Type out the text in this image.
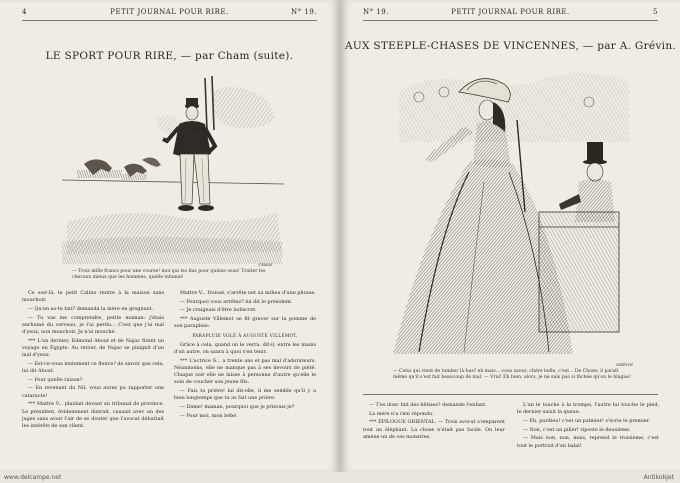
4	PETIT JOURNAL POUR RIRE.	N° 19.
LE SPORT POUR RIRE, — par Cham (suite).
CHAM
— Trois mille francs pour une course! moi qui les fais pour quinze sous! Traiter les chevaux mieux que les hommes, quelle infamie!

Ce soir-là, le petit Calino rentre à la maison sans mouchoir.

— Qu'en as-tu fait? demanda la mère en grognant.

— Tu vas me comprendre, petite maman: j'étais enrhumé du cerveau, je l'ai perdu... C'est que j'ai mal d'yeux, non mouchoir. Je n'ai mouché.

*** L'un dernier, Edmond About et de Najac firent un voyage en Égypte. Au retour, de Najac se plaignit d'un mal d'yeux.

— Est-ce-vous lentement ce fleuve? de savoir que cela, lui dit About.

— Pour quelle raison?

— En revenant du Nil, vous aurez pu rapporter une cataracte!

*** Mattre V... plaidait devant un tribunal de province. Le président, évidemment distrait, causait avec un des juges sans avoir l'air de se douter que l'avocat débattait les intérêts de son client.

Mattre V... froissé, s'arrête net au milieu d'une phrase.

— Pourquoi vous arrêtez? lui dit le président.

— Je craignais d'être indiscret.

*** Auguste Villemot se fit graver sur la pomme de son parapluie:

PARAPLUIE VOLÉ À AUGUSTE VILLEMOT.

Grâce à cela, quand on le verra, dit-il, entre les mains d'un autre, on saura à quoi s'en tenir.

*** L'actrice S... a trente ans et pas mal d'adorateurs. Néanmoins, elle ne manque pas à ses devoirs de piété. Chaque soir elle ne laisse à personne d'autre qu'elle le soin de coucher son jeune fils.

— Fais ta prière! lui dit-elle, il me semble qu'il y a bien longtemps que tu as fait une prière.

— Dame! maman, pourquoi que je prierais-je?

— Pour moi, mon bébé.

N° 19.	PETIT JOURNAL POUR RIRE.	5
AUX STEEPLE-CHASES DE VINCENNES, — par A. Grévin.
GRÉVIN
— Celui qui vient de tomber là-bas? eh mais... vous savez, chère belle, c'est... De Chose; il paraît même qu'il s'est fait beaucoup de mal. — Vrai! Eh bien, alors, je ne suis pas si fâchée qu'on le blague!

— T'es donc fait des bêtises? demande l'enfant.

La mère n'a rien répondu.

*** ÉPILOGUE ORIENTAL. — Trois avocat s'emparent tout un éléphant. La chose n'était pas facile. On leur amène un de ces monstres.

L'un le touche à la trompe, l'autre lui touche le pied, le dernier saisit la queue.

— Eh, pardieu! c'est un palmier! s'écrie le premier.

— Non, c'est un pilier! riposte le deuxième.

— Mais non, non, mais, reprend le troisième, c'est tout le portrait d'un balai!

www.delcampe.net	Antikobjet
